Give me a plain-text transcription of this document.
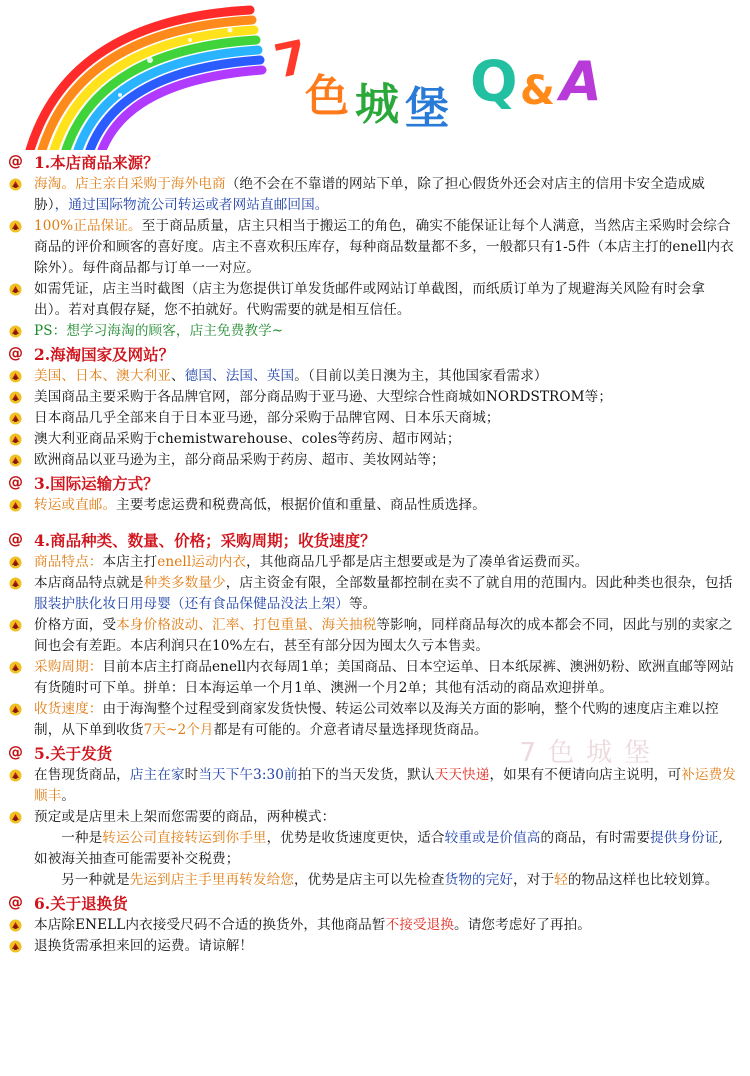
7
色 城 堡 Q & A
@ 1.本店商品来源？
海淘。店主亲自采购于海外电商（绝不会在不靠谱的网站下单，除了担心假货外还会对店主的信用卡安全造成威胁），通过国际物流公司转运或者网站直邮回国。
100%正品保证。至于商品质量，店主只相当于搬运工的角色，确实不能保证让每个人满意，当然店主采购时会综合商品的评价和顾客的喜好度。店主不喜欢积压库存，每种商品数量都不多，一般都只有1-5件（本店主打的enell内衣除外）。每件商品都与订单一一对应。
如需凭证，店主当时截图（店主为您提供订单发货邮件或网站订单截图，而纸质订单为了规避海关风险有时会拿出）。若对真假存疑，您不拍就好。代购需要的就是相互信任。
PS：想学习海淘的顾客，店主免费教学~
@ 2.海淘国家及网站？
美国、日本、澳大利亚、德国、法国、英国。（目前以美日澳为主，其他国家看需求）
美国商品主要采购于各品牌官网，部分商品购于亚马逊、大型综合性商城如NORDSTROM等；
日本商品几乎全部来自于日本亚马逊，部分采购于品牌官网、日本乐天商城；
澳大利亚商品采购于chemistwarehouse、coles等药房、超市网站；
欧洲商品以亚马逊为主，部分商品采购于药房、超市、美妆网站等；
@ 3.国际运输方式？
转运或直邮。主要考虑运费和税费高低，根据价值和重量、商品性质选择。
@ 4.商品种类、数量、价格；采购周期；收货速度？
商品特点：本店主打enell运动内衣，其他商品几乎都是店主想要或是为了凑单省运费而买。
本店商品特点就是种类多数量少，店主资金有限，全部数量都控制在卖不了就自用的范围内。因此种类也很杂，包括服装护肤化妆日用母婴（还有食品保健品没法上架）等。
价格方面，受本身价格波动、汇率、打包重量、海关抽税等影响，同样商品每次的成本都会不同，因此与别的卖家之间也会有差距。本店利润只在10%左右，甚至有部分因为囤太久亏本售卖。
采购周期：目前本店主打商品enell内衣每周1单；美国商品、日本空运单、日本纸尿裤、澳洲奶粉、欧洲直邮等网站有货随时可下单。拼单：日本海运单一个月1单、澳洲一个月2单；其他有活动的商品欢迎拼单。
收货速度：由于海淘整个过程受到商家发货快慢、转运公司效率以及海关方面的影响，整个代购的速度店主难以控制，从下单到收货7天~2个月都是有可能的。介意者请尽量选择现货商品。
@ 5.关于发货
在售现货商品，店主在家时当天下午3:30前拍下的当天发货，默认天天快递，如果有不便请向店主说明，可补运费发顺丰。
预定或是店里未上架而您需要的商品，两种模式：
一种是转运公司直接转运到你手里，优势是收货速度更快，适合较重或是价值高的商品，有时需要提供身份证,如被海关抽查可能需要补交税费；
另一种就是先运到店主手里再转发给您，优势是店主可以先检查货物的完好，对于轻的物品这样也比较划算。
@ 6.关于退换货
本店除ENELL内衣接受尺码不合适的换货外，其他商品暂不接受退换。请您考虑好了再拍。
退换货需承担来回的运费。请谅解！
7色城堡
